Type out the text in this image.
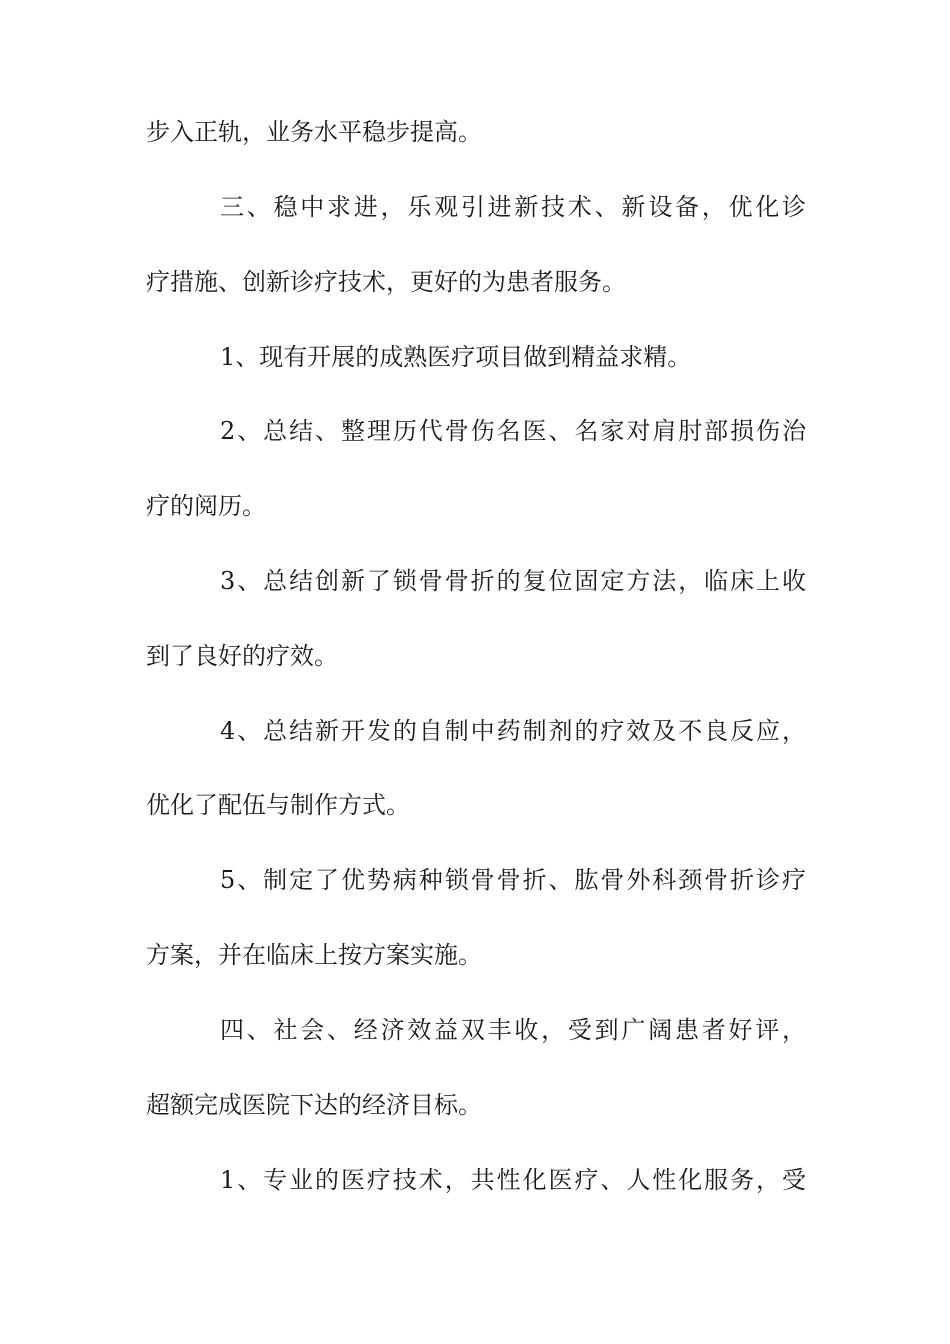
步入正轨，业务水平稳步提高。
三、稳中求进，乐观引进新技术、新设备，优化诊
疗措施、创新诊疗技术，更好的为患者服务。
1、现有开展的成熟医疗项目做到精益求精。
2、总结、整理历代骨伤名医、名家对肩肘部损伤治
疗的阅历。
3、总结创新了锁骨骨折的复位固定方法，临床上收
到了良好的疗效。
4、总结新开发的自制中药制剂的疗效及不良反应，
优化了配伍与制作方式。
5、制定了优势病种锁骨骨折、肱骨外科颈骨折诊疗
方案，并在临床上按方案实施。
四、社会、经济效益双丰收，受到广阔患者好评，
超额完成医院下达的经济目标。
1、专业的医疗技术，共性化医疗、人性化服务，受
